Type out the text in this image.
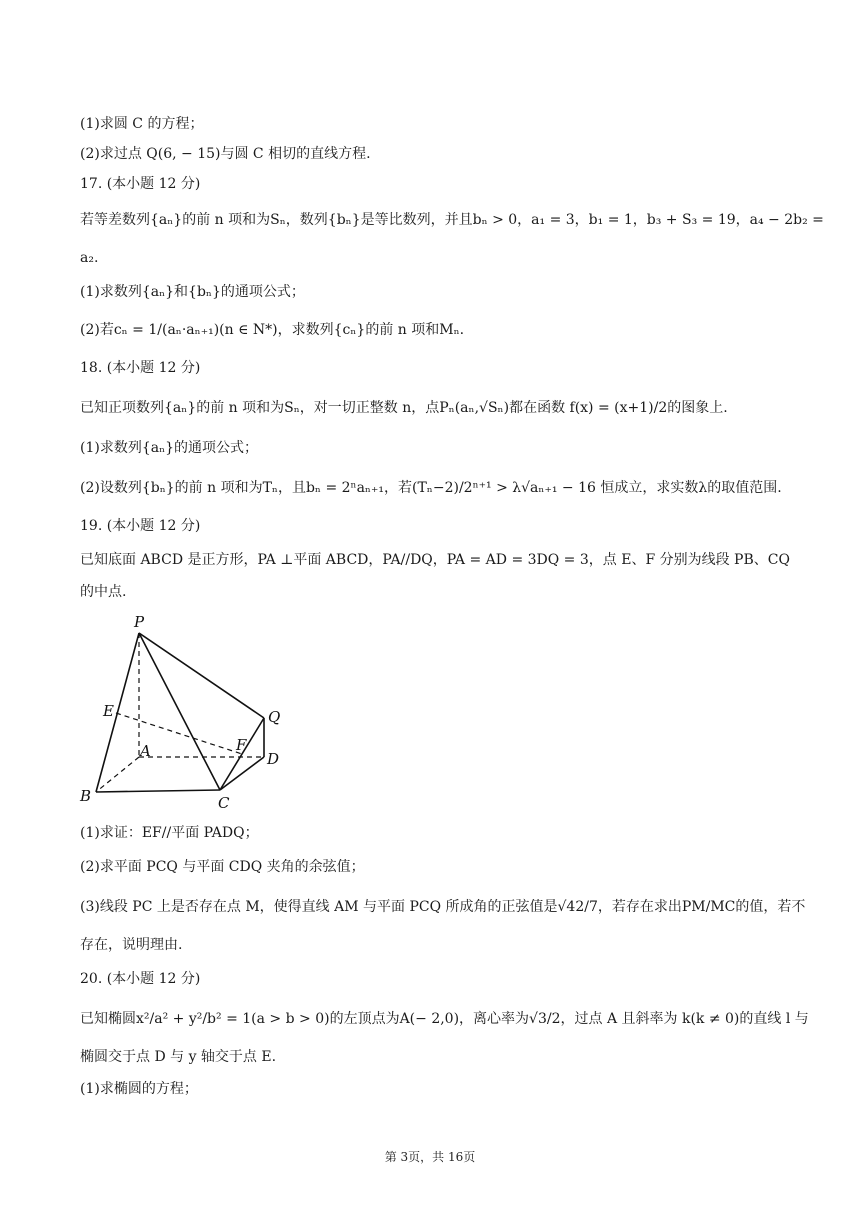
(1)求圆 C 的方程；
(2)求过点 Q(6, − 15)与圆 C 相切的直线方程.
17. (本小题 12 分)
若等差数列{aₙ}的前 n 项和为Sₙ，数列{bₙ}是等比数列，并且bₙ > 0，a₁ = 3，b₁ = 1，b₃ + S₃ = 19，a₄ − 2b₂ =
a₂.
(1)求数列{aₙ}和{bₙ}的通项公式；
(2)若cₙ = 1/(aₙ·aₙ₊₁)(n ∈ N*)，求数列{cₙ}的前 n 项和Mₙ.
18. (本小题 12 分)
已知正项数列{aₙ}的前 n 项和为Sₙ，对一切正整数 n，点Pₙ(aₙ,√Sₙ)都在函数 f(x) = (x+1)/2的图象上.
(1)求数列{aₙ}的通项公式；
(2)设数列{bₙ}的前 n 项和为Tₙ，且bₙ = 2ⁿaₙ₊₁，若(Tₙ−2)/2ⁿ⁺¹ > λ√aₙ₊₁ − 16 恒成立，求实数λ的取值范围.
19. (本小题 12 分)
已知底面 ABCD 是正方形，PA ⊥平面 ABCD，PA//DQ，PA = AD = 3DQ = 3，点 E、F 分别为线段 PB、CQ
的中点.
P
E
A	F
Q
D
B	C
(1)求证：EF//平面 PADQ；
(2)求平面 PCQ 与平面 CDQ 夹角的余弦值；
(3)线段 PC 上是否存在点 M，使得直线 AM 与平面 PCQ 所成角的正弦值是√42/7，若存在求出PM/MC的值，若不
存在，说明理由.
20. (本小题 12 分)
已知椭圆x²/a² + y²/b² = 1(a > b > 0)的左顶点为A(− 2,0)，离心率为√3/2，过点 A 且斜率为 k(k ≠ 0)的直线 l 与
椭圆交于点 D 与 y 轴交于点 E.
(1)求椭圆的方程；
第 3页，共 16页
